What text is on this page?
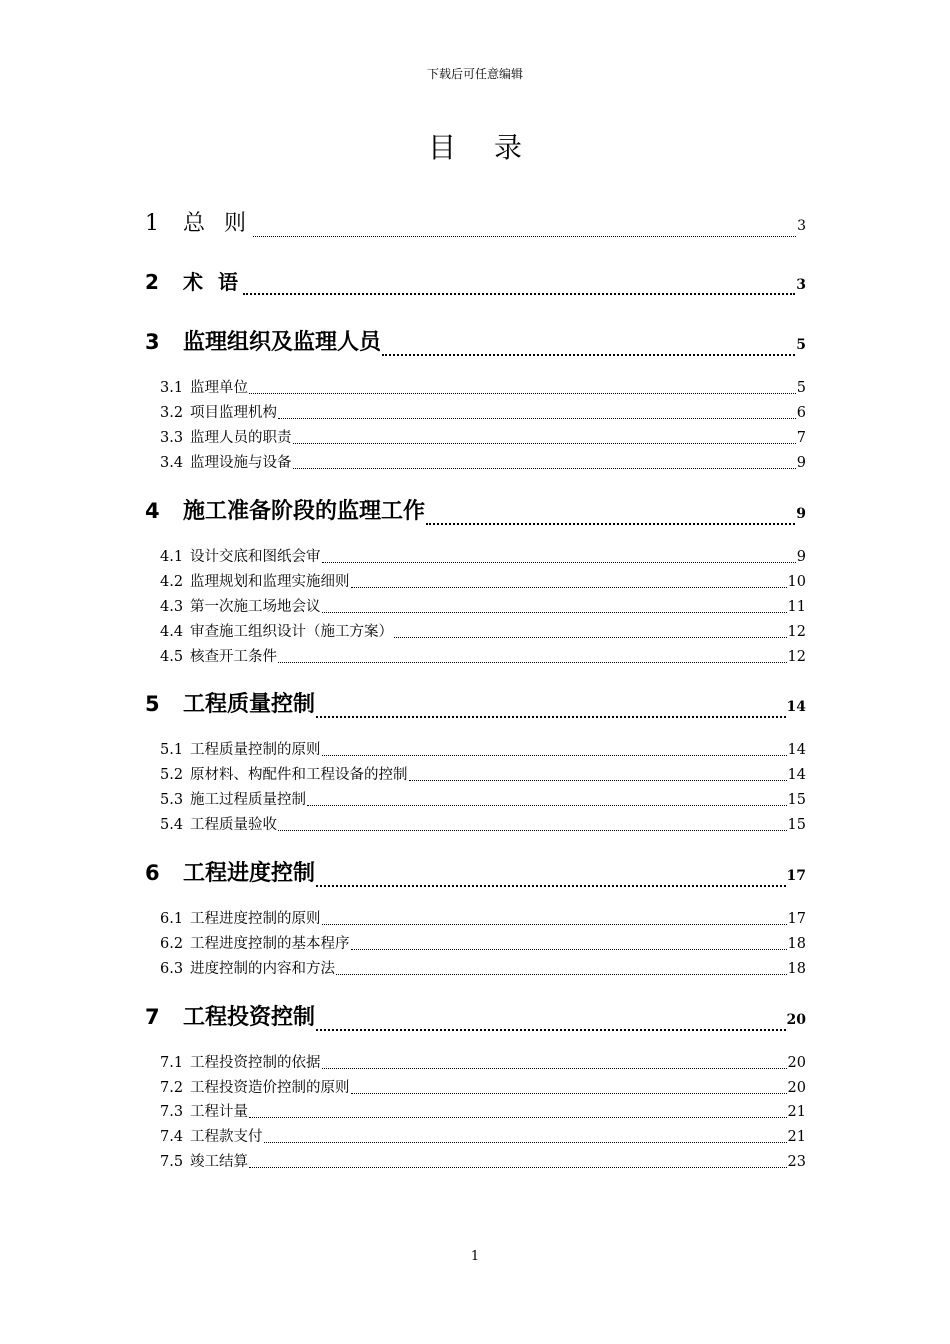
下载后可任意编辑
目录
1	总 则	3
2	术 语	3
3	监理组织及监理人员	5
3.1 监理单位	5
3.2 项目监理机构	6
3.3 监理人员的职责	7
3.4 监理设施与设备	9
4	施工准备阶段的监理工作	9
4.1 设计交底和图纸会审	9
4.2 监理规划和监理实施细则	10
4.3 第一次施工场地会议	11
4.4 审查施工组织设计（施工方案）	12
4.5 核查开工条件	12
5	工程质量控制	14
5.1 工程质量控制的原则	14
5.2 原材料、构配件和工程设备的控制	14
5.3 施工过程质量控制	15
5.4 工程质量验收	15
6	工程进度控制	17
6.1 工程进度控制的原则	17
6.2 工程进度控制的基本程序	18
6.3 进度控制的内容和方法	18
7	工程投资控制	20
7.1 工程投资控制的依据	20
7.2 工程投资造价控制的原则	20
7.3 工程计量	21
7.4 工程款支付	21
7.5 竣工结算	23
1
